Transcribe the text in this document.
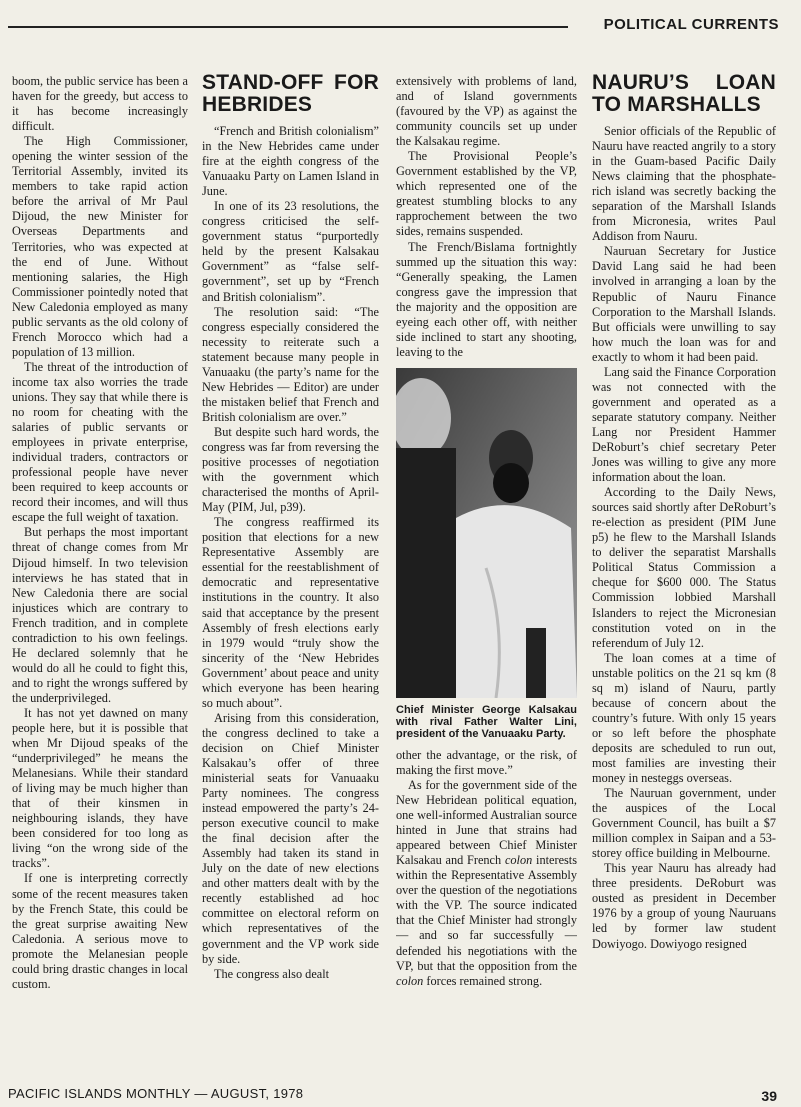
POLITICAL CURRENTS

boom, the public service has been a haven for the greedy, but access to it has become increasingly difficult.

The High Commissioner, opening the winter session of the Territorial Assembly, invited its members to take rapid action before the arrival of Mr Paul Dijoud, the new Minister for Overseas Departments and Territories, who was expected at the end of June. Without mentioning salaries, the High Commissioner pointedly noted that New Caledonia employed as many public servants as the old colony of French Morocco which had a population of 13 million.

The threat of the introduction of income tax also worries the trade unions. They say that while there is no room for cheating with the salaries of public servants or employees in private enterprise, individual traders, contractors or professional people have never been required to keep accounts or record their incomes, and will thus escape the full weight of taxation.

But perhaps the most important threat of change comes from Mr Dijoud himself. In two television interviews he has stated that in New Caledonia there are social injustices which are contrary to French tradition, and in complete contradiction to his own feelings. He declared solemnly that he would do all he could to fight this, and to right the wrongs suffered by the underprivileged.

It has not yet dawned on many people here, but it is possible that when Mr Dijoud speaks of the “underprivileged” he means the Melanesians. While their standard of living may be much higher than that of their kinsmen in neighbouring islands, they have been considered for too long as living “on the wrong side of the tracks”.

If one is interpreting correctly some of the recent measures taken by the French State, this could be the great surprise awaiting New Caledonia. A serious move to promote the Melanesian people could bring drastic changes in local custom.

STAND-OFF FOR HEBRIDES

“French and British colonialism” in the New Hebrides came under fire at the eighth congress of the Vanuaaku Party on Lamen Island in June.

In one of its 23 resolutions, the congress criticised the self-government status “purportedly held by the present Kalsakau Government” as “false self-government”, set up by “French and British colonialism”.

The resolution said: “The congress especially considered the necessity to reiterate such a statement because many people in Vanuaaku (the party’s name for the New Hebrides — Editor) are under the mistaken belief that French and British colonialism are over.”

But despite such hard words, the congress was far from reversing the positive processes of negotiation with the government which characterised the months of April-May (PIM, Jul, p39).

The congress reaffirmed its position that elections for a new Representative Assembly are essential for the reestablishment of democratic and representative institutions in the country. It also said that acceptance by the present Assembly of fresh elections early in 1979 would “truly show the sincerity of the ‘New Hebrides Government’ about peace and unity which everyone has been hearing so much about”.

Arising from this consideration, the congress declined to take a decision on Chief Minister Kalsakau’s offer of three ministerial seats for Vanuaaku Party nominees. The congress instead empowered the party’s 24-person executive council to make the final decision after the Assembly had taken its stand in July on the date of new elections and other matters dealt with by the recently established ad hoc committee on electoral reform on which representatives of the government and the VP work side by side.

The congress also dealt

extensively with problems of land, and of Island governments (favoured by the VP) as against the community councils set up under the Kalsakau regime.

The Provisional People’s Government established by the VP, which represented one of the greatest stumbling blocks to any rapprochement between the two sides, remains suspended.

The French/Bislama fortnightly summed up the situation this way: “Generally speaking, the Lamen congress gave the impression that the majority and the opposition are eyeing each other off, with neither side inclined to start any shooting, leaving to the

Chief Minister George Kalsakau with rival Father Walter Lini, president of the Vanuaaku Party.

other the advantage, or the risk, of making the first move.”

As for the government side of the New Hebridean political equation, one well-informed Australian source hinted in June that strains had appeared between Chief Minister Kalsakau and French colon interests within the Representative Assembly over the question of the negotiations with the VP. The source indicated that the Chief Minister had strongly — and so far successfully — defended his negotiations with the VP, but that the opposition from the colon forces remained strong.

NAURU’S LOAN TO MARSHALLS

Senior officials of the Republic of Nauru have reacted angrily to a story in the Guam-based Pacific Daily News claiming that the phosphate-rich island was secretly backing the separation of the Marshall Islands from Micronesia, writes Paul Addison from Nauru.

Nauruan Secretary for Justice David Lang said he had been involved in arranging a loan by the Republic of Nauru Finance Corporation to the Marshall Islands. But officials were unwilling to say how much the loan was for and exactly to whom it had been paid.

Lang said the Finance Corporation was not connected with the government and operated as a separate statutory company. Neither Lang nor President Hammer DeRoburt’s chief secretary Peter Jones was willing to give any more information about the loan.

According to the Daily News, sources said shortly after DeRoburt’s re-election as president (PIM June p5) he flew to the Marshall Islands to deliver the separatist Marshalls Political Status Commission a cheque for $600 000. The Status Commission lobbied Marshall Islanders to reject the Micronesian constitution voted on in the referendum of July 12.

The loan comes at a time of unstable politics on the 21 sq km (8 sq m) island of Nauru, partly because of concern about the country’s future. With only 15 years or so left before the phosphate deposits are scheduled to run out, most families are investing their money in nesteggs overseas.

The Nauruan government, under the auspices of the Local Government Council, has built a $7 million complex in Saipan and a 53-storey office building in Melbourne.

This year Nauru has already had three presidents. DeRoburt was ousted as president in December 1976 by a group of young Nauruans led by former law student Dowiyogo. Dowiyogo resigned

PACIFIC ISLANDS MONTHLY — AUGUST, 1978	39
